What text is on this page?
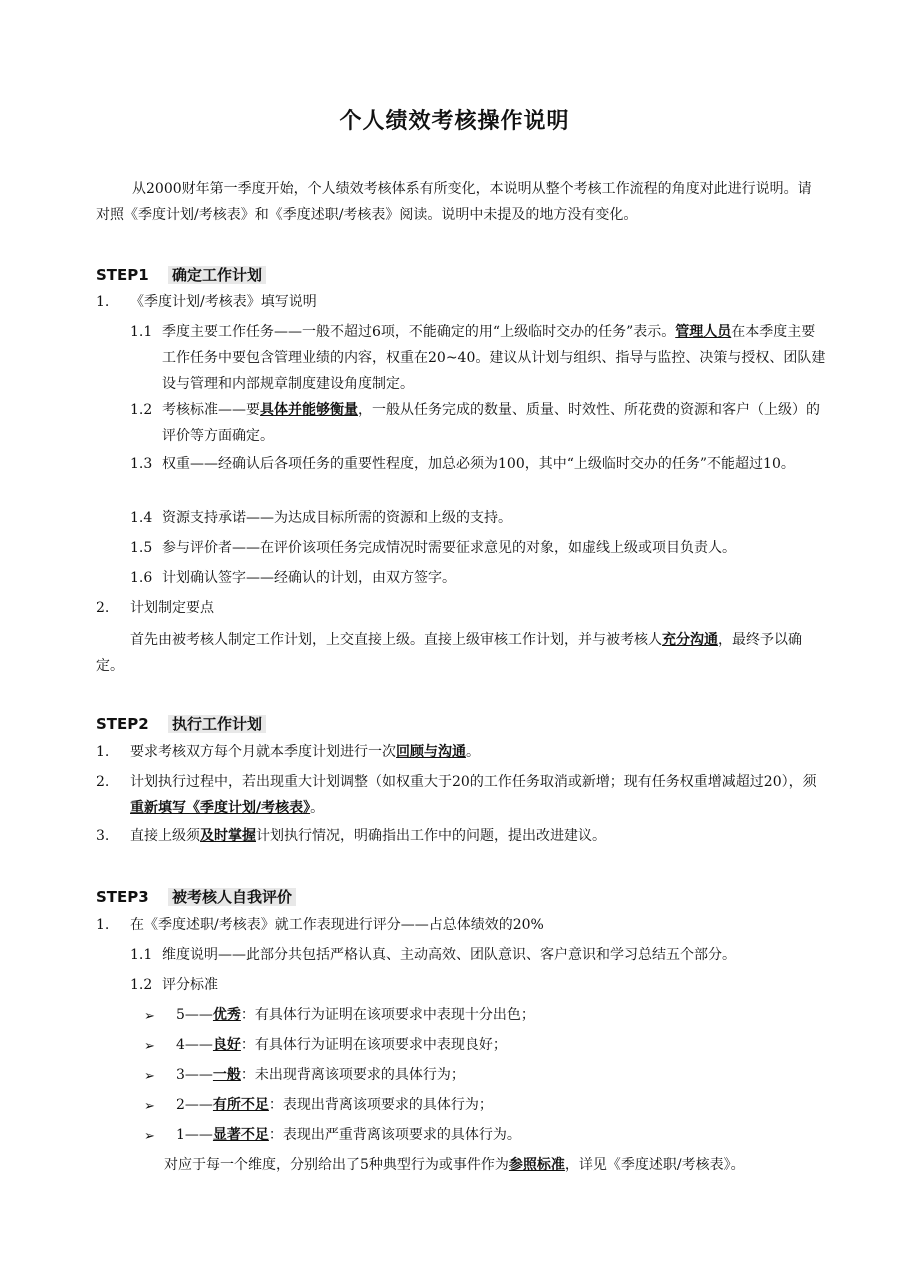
个人绩效考核操作说明
从2000财年第一季度开始，个人绩效考核体系有所变化，本说明从整个考核工作流程的角度对此进行说明。请对照《季度计划/考核表》和《季度述职/考核表》阅读。说明中未提及的地方没有变化。
STEP1 确定工作计划
1. 《季度计划/考核表》填写说明
1.1 季度主要工作任务——一般不超过6项，不能确定的用“上级临时交办的任务”表示。管理人员在本季度主要工作任务中要包含管理业绩的内容，权重在20~40。建议从计划与组织、指导与监控、决策与授权、团队建设与管理和内部规章制度建设角度制定。
1.2 考核标准——要具体并能够衡量，一般从任务完成的数量、质量、时效性、所花费的资源和客户（上级）的评价等方面确定。
1.3 权重——经确认后各项任务的重要性程度，加总必须为100，其中“上级临时交办的任务”不能超过10。
1.4 资源支持承诺——为达成目标所需的资源和上级的支持。
1.5 参与评价者——在评价该项任务完成情况时需要征求意见的对象，如虚线上级或项目负责人。
1.6 计划确认签字——经确认的计划，由双方签字。
2. 计划制定要点
首先由被考核人制定工作计划，上交直接上级。直接上级审核工作计划，并与被考核人充分沟通，最终予以确定。
STEP2 执行工作计划
1. 要求考核双方每个月就本季度计划进行一次回顾与沟通。
2. 计划执行过程中，若出现重大计划调整（如权重大于20的工作任务取消或新增；现有任务权重增减超过20），须重新填写《季度计划/考核表》。
3. 直接上级须及时掌握计划执行情况，明确指出工作中的问题，提出改进建议。
STEP3 被考核人自我评价
1. 在《季度述职/考核表》就工作表现进行评分——占总体绩效的20%
1.1 维度说明——此部分共包括严格认真、主动高效、团队意识、客户意识和学习总结五个部分。
1.2 评分标准
➢ 5——优秀：有具体行为证明在该项要求中表现十分出色；
➢ 4——良好：有具体行为证明在该项要求中表现良好；
➢ 3——一般：未出现背离该项要求的具体行为；
➢ 2——有所不足：表现出背离该项要求的具体行为；
➢ 1——显著不足：表现出严重背离该项要求的具体行为。
对应于每一个维度，分别给出了5种典型行为或事件作为参照标准，详见《季度述职/考核表》。
